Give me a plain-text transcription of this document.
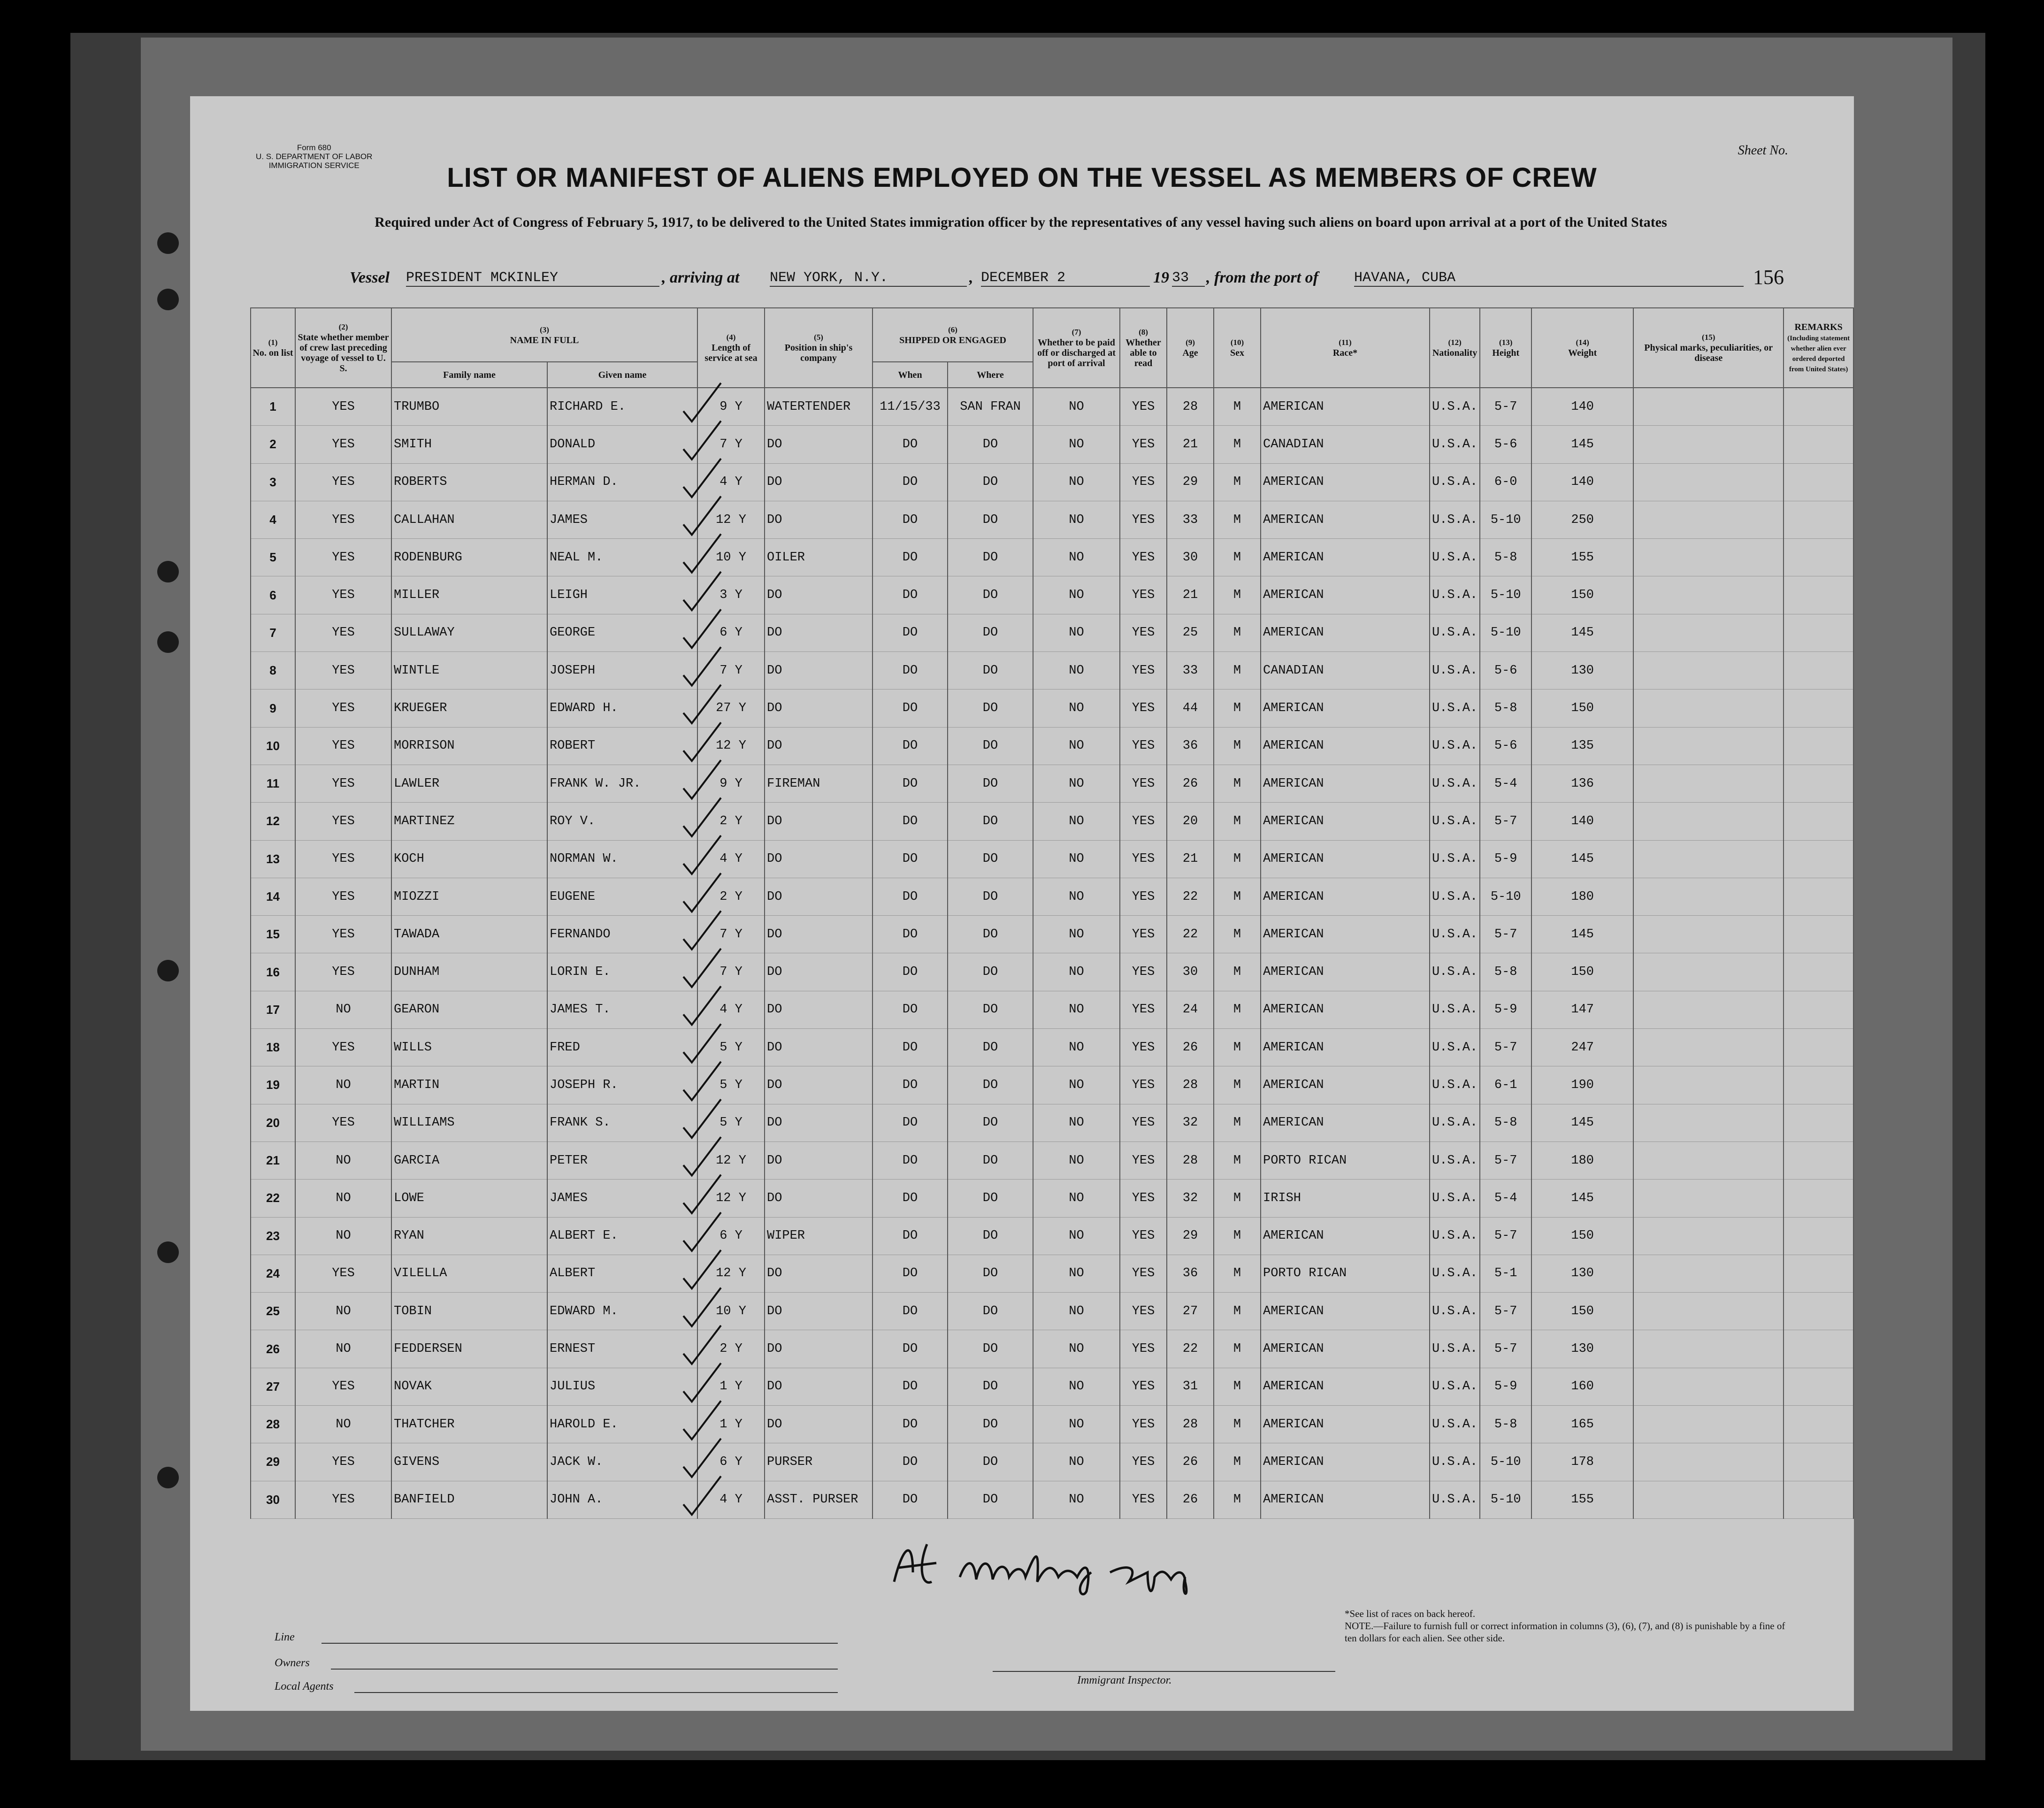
Form 680
U. S. DEPARTMENT OF LABOR
IMMIGRATION SERVICE
Sheet No.
LIST OR MANIFEST OF ALIENS EMPLOYED ON THE VESSEL AS MEMBERS OF CREW
Required under Act of Congress of February 5, 1917, to be delivered to the United States immigration officer by the representatives of any vessel having such aliens on board upon arrival at a port of the United States
Vessel PRESIDENT MCKINLEY	, arriving at NEW YORK, N.Y.	, DECEMBER 2	19 33	, from the port of	HAVANA, CUBA	156
(1)
No. on list	(2)
State whether member of crew last preceding voyage of vessel to U. S.	(3)
NAME IN FULL		(4)
Length of service at sea	(5)
Position in ship's company	(6)
SHIPPED OR ENGAGED		(7)
Whether to be paid off or discharged at port of arrival	(8)
Whether able to read	(9)
Age	(10)
Sex	(11)
Race*	(12)
Nationality	(13)
Height	(14)
Weight	(15)
Physical marks, peculiarities, or disease	REMARKS
(Including statement whether alien ever ordered deported from United States)
		Family name	Given name			When	Where										
1	YES	TRUMBO	RICHARD E.	9 Y	WATERTENDER	11/15/33	SAN FRAN	NO	YES	28	M	AMERICAN	U.S.A.	5-7	140		
2	YES	SMITH	DONALD	7 Y	DO	DO	DO	NO	YES	21	M	CANADIAN	U.S.A.	5-6	145		
3	YES	ROBERTS	HERMAN D.	4 Y	DO	DO	DO	NO	YES	29	M	AMERICAN	U.S.A.	6-0	140		
4	YES	CALLAHAN	JAMES	12 Y	DO	DO	DO	NO	YES	33	M	AMERICAN	U.S.A.	5-10	250		
5	YES	RODENBURG	NEAL M.	10 Y	OILER	DO	DO	NO	YES	30	M	AMERICAN	U.S.A.	5-8	155		
6	YES	MILLER	LEIGH	3 Y	DO	DO	DO	NO	YES	21	M	AMERICAN	U.S.A.	5-10	150		
7	YES	SULLAWAY	GEORGE	6 Y	DO	DO	DO	NO	YES	25	M	AMERICAN	U.S.A.	5-10	145		
8	YES	WINTLE	JOSEPH	7 Y	DO	DO	DO	NO	YES	33	M	CANADIAN	U.S.A.	5-6	130		
9	YES	KRUEGER	EDWARD H.	27 Y	DO	DO	DO	NO	YES	44	M	AMERICAN	U.S.A.	5-8	150		
10	YES	MORRISON	ROBERT	12 Y	DO	DO	DO	NO	YES	36	M	AMERICAN	U.S.A.	5-6	135		
11	YES	LAWLER	FRANK W. JR.	9 Y	FIREMAN	DO	DO	NO	YES	26	M	AMERICAN	U.S.A.	5-4	136		
12	YES	MARTINEZ	ROY V.	2 Y	DO	DO	DO	NO	YES	20	M	AMERICAN	U.S.A.	5-7	140		
13	YES	KOCH	NORMAN W.	4 Y	DO	DO	DO	NO	YES	21	M	AMERICAN	U.S.A.	5-9	145		
14	YES	MIOZZI	EUGENE	2 Y	DO	DO	DO	NO	YES	22	M	AMERICAN	U.S.A.	5-10	180		
15	YES	TAWADA	FERNANDO	7 Y	DO	DO	DO	NO	YES	22	M	AMERICAN	U.S.A.	5-7	145		
16	YES	DUNHAM	LORIN E.	7 Y	DO	DO	DO	NO	YES	30	M	AMERICAN	U.S.A.	5-8	150		
17	NO	GEARON	JAMES T.	4 Y	DO	DO	DO	NO	YES	24	M	AMERICAN	U.S.A.	5-9	147		
18	YES	WILLS	FRED	5 Y	DO	DO	DO	NO	YES	26	M	AMERICAN	U.S.A.	5-7	247		
19	NO	MARTIN	JOSEPH R.	5 Y	DO	DO	DO	NO	YES	28	M	AMERICAN	U.S.A.	6-1	190		
20	YES	WILLIAMS	FRANK S.	5 Y	DO	DO	DO	NO	YES	32	M	AMERICAN	U.S.A.	5-8	145		
21	NO	GARCIA	PETER	12 Y	DO	DO	DO	NO	YES	28	M	PORTO RICAN	U.S.A.	5-7	180		
22	NO	LOWE	JAMES	12 Y	DO	DO	DO	NO	YES	32	M	IRISH	U.S.A.	5-4	145		
23	NO	RYAN	ALBERT E.	6 Y	WIPER	DO	DO	NO	YES	29	M	AMERICAN	U.S.A.	5-7	150		
24	YES	VILELLA	ALBERT	12 Y	DO	DO	DO	NO	YES	36	M	PORTO RICAN	U.S.A.	5-1	130		
25	NO	TOBIN	EDWARD M.	10 Y	DO	DO	DO	NO	YES	27	M	AMERICAN	U.S.A.	5-7	150		
26	NO	FEDDERSEN	ERNEST	2 Y	DO	DO	DO	NO	YES	22	M	AMERICAN	U.S.A.	5-7	130		
27	YES	NOVAK	JULIUS	1 Y	DO	DO	DO	NO	YES	31	M	AMERICAN	U.S.A.	5-9	160		
28	NO	THATCHER	HAROLD E.	1 Y	DO	DO	DO	NO	YES	28	M	AMERICAN	U.S.A.	5-8	165		
29	YES	GIVENS	JACK W.	6 Y	PURSER	DO	DO	NO	YES	26	M	AMERICAN	U.S.A.	5-10	178		
30	YES	BANFIELD	JOHN A.	4 Y	ASST. PURSER	DO	DO	NO	YES	26	M	AMERICAN	U.S.A.	5-10	155		
Line
Owners
Local Agents	Immigrant Inspector.
*See list of races on back hereof.
NOTE.—Failure to furnish full or correct information in columns (3), (6), (7), and (8) is punishable by a fine of ten dollars for each alien. See other side.
